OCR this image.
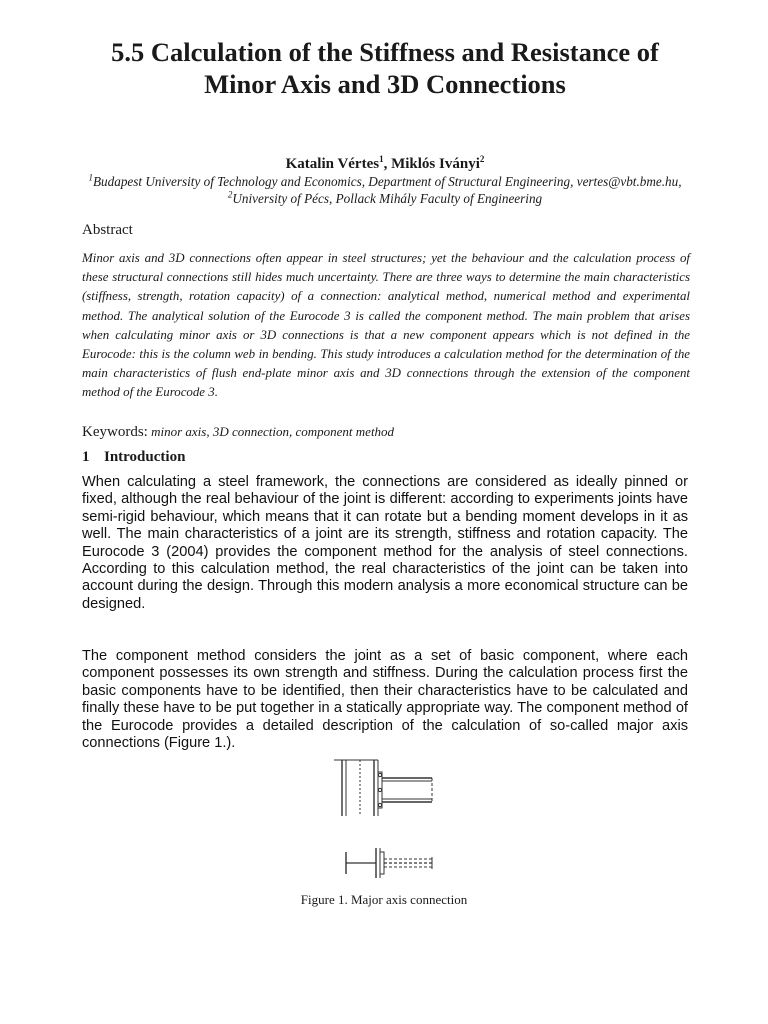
5.5 Calculation of the Stiffness and Resistance of Minor Axis and 3D Connections
Katalin Vértes$^1$, Miklós Iványi$^2$
$^1$Budapest University of Technology and Economics, Department of Structural Engineering, vertes@vbt.bme.hu, $^2$University of Pécs, Pollack Mihály Faculty of Engineering
Abstract
Minor axis and 3D connections often appear in steel structures; yet the behaviour and the calculation process of these structural connections still hides much uncertainty. There are three ways to determine the main characteristics (stiffness, strength, rotation capacity) of a connection: analytical method, numerical method and experimental method. The analytical solution of the Eurocode 3 is called the component method. The main problem that arises when calculating minor axis or 3D connections is that a new component appears which is not defined in the Eurocode: this is the column web in bending. This study introduces a calculation method for the determination of the main characteristics of flush end-plate minor axis and 3D connections through the extension of the component method of the Eurocode 3.
Keywords: minor axis, 3D connection, component method
1 Introduction
When calculating a steel framework, the connections are considered as ideally pinned or fixed, although the real behaviour of the joint is different: according to experiments joints have semi-rigid behaviour, which means that it can rotate but a bending moment develops in it as well. The main characteristics of a joint are its strength, stiffness and rotation capacity. The Eurocode 3 (2004) provides the component method for the analysis of steel connections. According to this calculation method, the real characteristics of the joint can be taken into account during the design. Through this modern analysis a more economical structure can be designed.
The component method considers the joint as a set of basic component, where each component possesses its own strength and stiffness. During the calculation process first the basic components have to be identified, then their characteristics have to be calculated and finally these have to be put together in a statically appropriate way. The component method of the Eurocode provides a detailed description of the calculation of so-called major axis connections (Figure 1.).
Figure 1. Major axis connection
